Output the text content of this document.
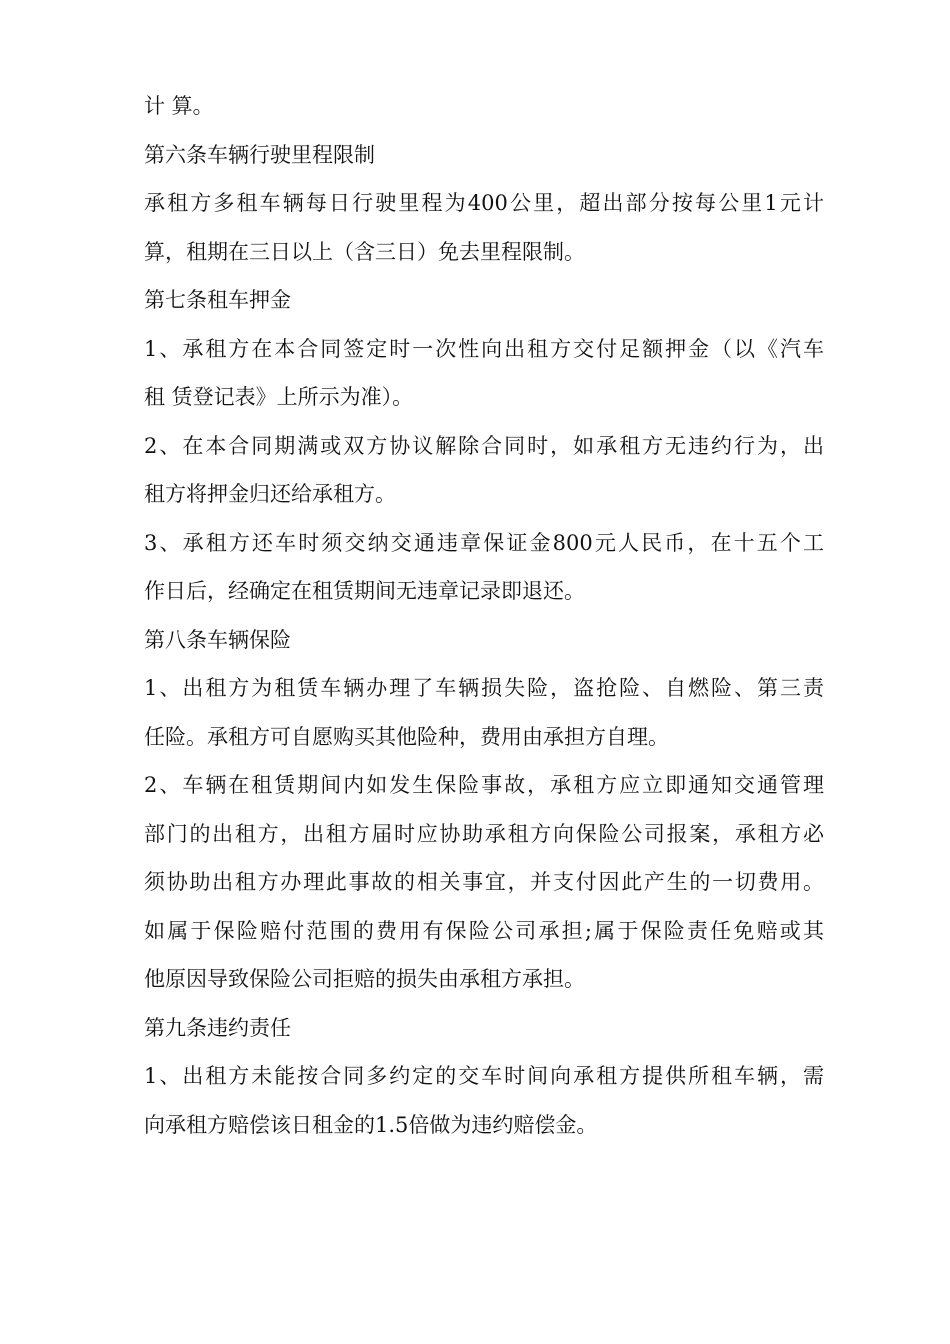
计 算。
第六条车辆行驶里程限制
承租方多租车辆每日行驶里程为400公里，超出部分按每公里1元计
算，租期在三日以上（含三日）免去里程限制。
第七条租车押金
1、承租方在本合同签定时一次性向出租方交付足额押金（以《汽车
租 赁登记表》上所示为准）。
2、在本合同期满或双方协议解除合同时，如承租方无违约行为，出
租方将押金归还给承租方。
3、承租方还车时须交纳交通违章保证金800元人民币，在十五个工
作日后，经确定在租赁期间无违章记录即退还。
第八条车辆保险
1、出租方为租赁车辆办理了车辆损失险，盗抢险、自燃险、第三责
任险。承租方可自愿购买其他险种，费用由承担方自理。
2、车辆在租赁期间内如发生保险事故，承租方应立即通知交通管理
部门的出租方，出租方届时应协助承租方向保险公司报案，承租方必
须协助出租方办理此事故的相关事宜，并支付因此产生的一切费用。
如属于保险赔付范围的费用有保险公司承担;属于保险责任免赔或其
他原因导致保险公司拒赔的损失由承租方承担。
第九条违约责任
1、出租方未能按合同多约定的交车时间向承租方提供所租车辆，需
向承租方赔偿该日租金的1.5倍做为违约赔偿金。
